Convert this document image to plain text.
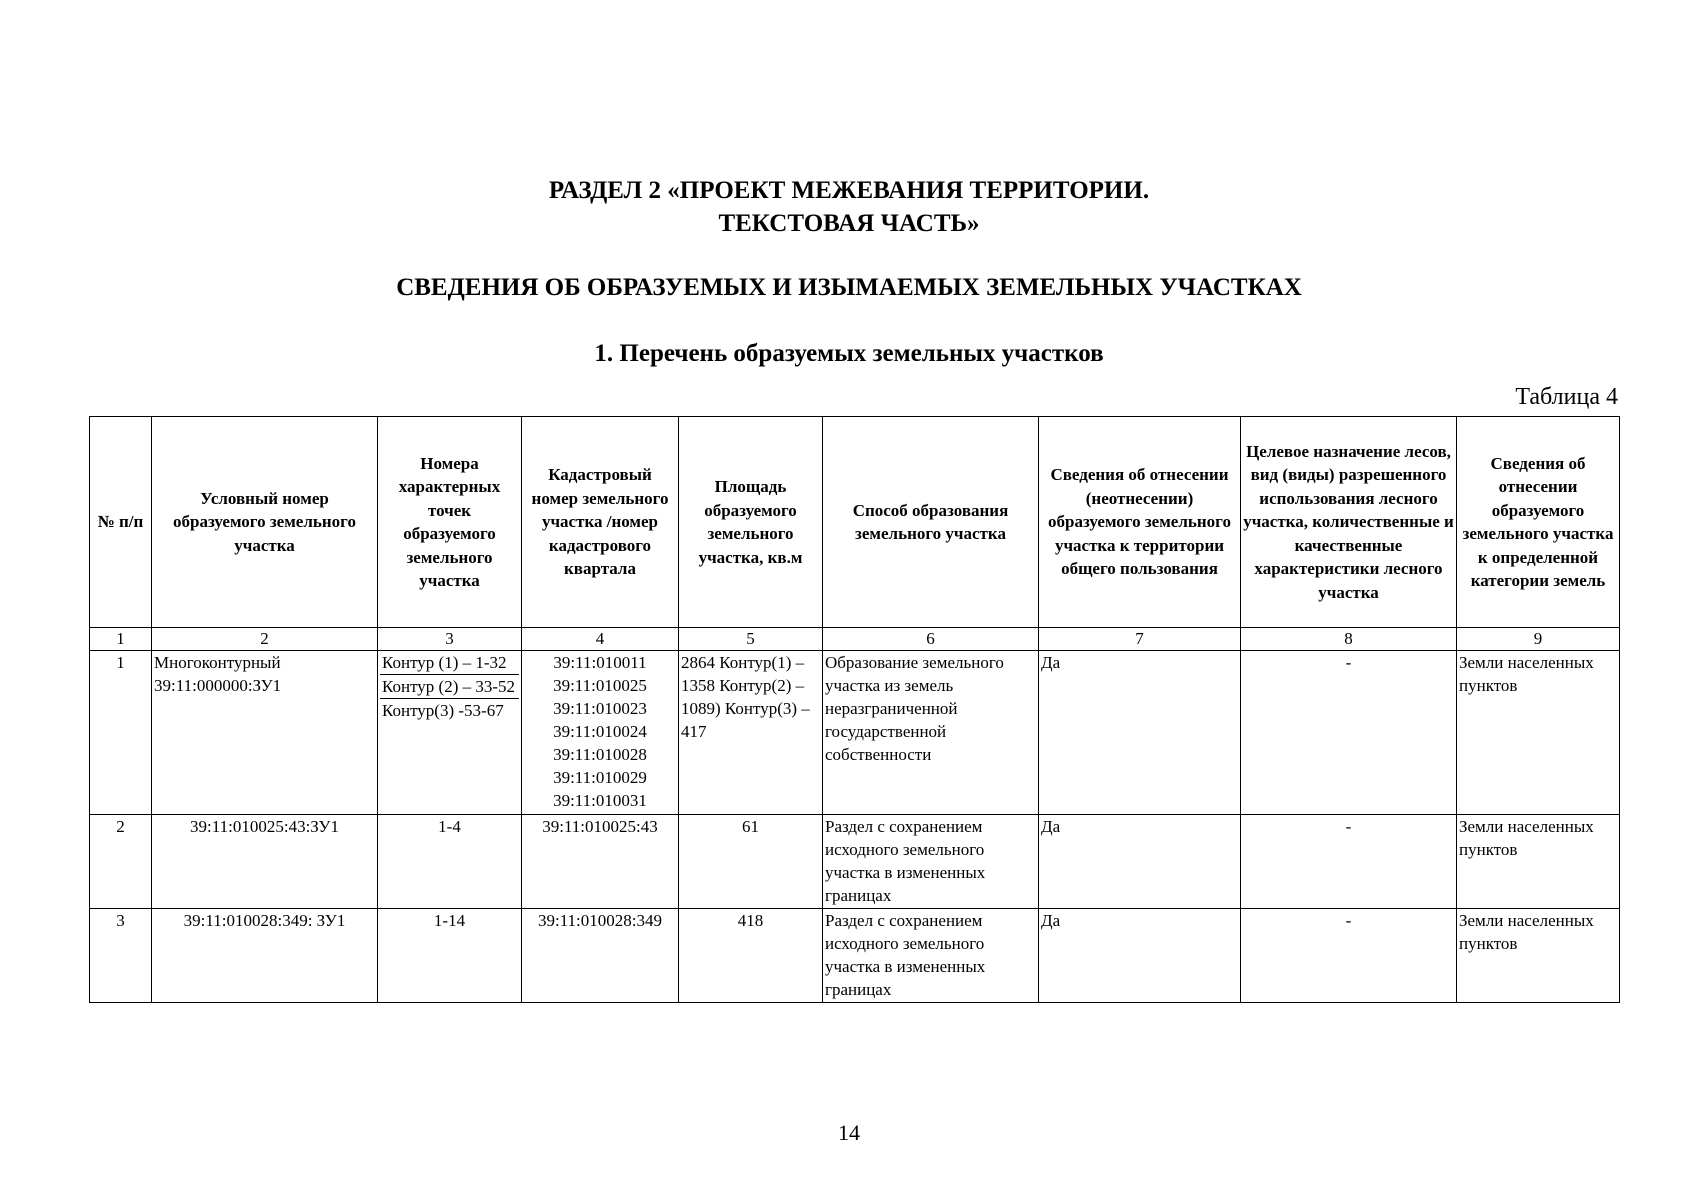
РАЗДЕЛ 2 «ПРОЕКТ МЕЖЕВАНИЯ ТЕРРИТОРИИ.
ТЕКСТОВАЯ ЧАСТЬ»
СВЕДЕНИЯ ОБ ОБРАЗУЕМЫХ И ИЗЫМАЕМЫХ ЗЕМЕЛЬНЫХ УЧАСТКАХ
1. Перечень образуемых земельных участков
Таблица 4
№ п/п	Условный номер образуемого земельного участка	Номера характерных точек образуемого земельного участка	Кадастровый номер земельного участка /номер кадастрового квартала	Площадь образуемого земельного участка, кв.м	Способ образования земельного участка	Сведения об отнесении (неотнесении) образуемого земельного участка к территории общего пользования	Целевое назначение лесов, вид (виды) разрешенного использования лесного участка, количественные и качественные характеристики лесного участка	Сведения об отнесении образуемого земельного участка к определенной категории земель
1	2	3	4	5	6	7	8	9
1	Многоконтурный 39:11:000000:ЗУ1	Контур (1) – 1-32
Контур (2) – 33-52
Контур(3) -53-67	39:11:010011 39:11:010025 39:11:010023 39:11:010024 39:11:010028 39:11:010029 39:11:010031	2864 Контур(1) – 1358 Контур(2) – 1089) Контур(3) – 417	Образование земельного участка из земель неразграниченной государственной собственности	Да	-	Земли населенных пунктов
2	39:11:010025:43:ЗУ1	1-4	39:11:010025:43	61	Раздел с сохранением исходного земельного участка в измененных границах	Да	-	Земли населенных пунктов
3	39:11:010028:349: ЗУ1	1-14	39:11:010028:349	418	Раздел с сохранением исходного земельного участка в измененных границах	Да	-	Земли населенных пунктов
14
